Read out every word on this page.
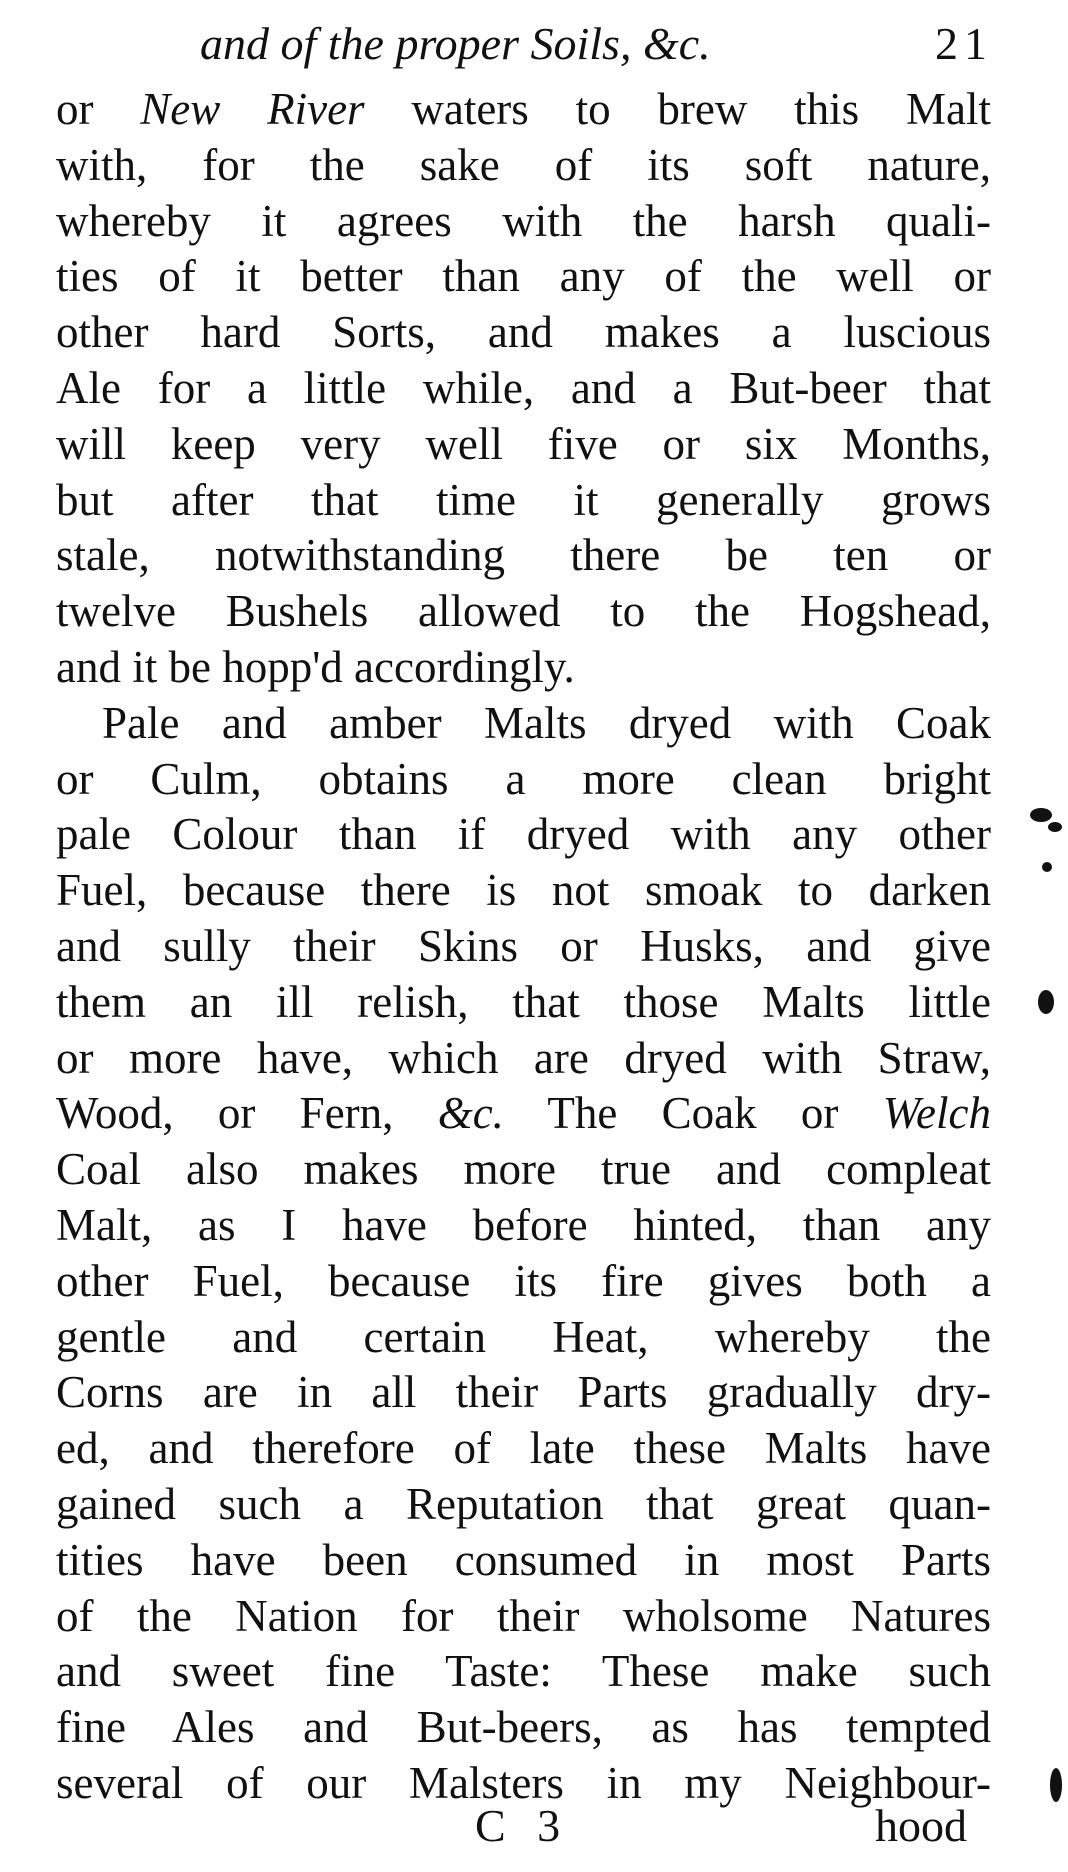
and of the proper Soils, &c.	21
or New River waters to brew this Malt
with, for the sake of its soft nature,
whereby it agrees with the harsh quali-
ties of it better than any of the well or
other hard Sorts, and makes a luscious
Ale for a little while, and a But-beer that
will keep very well five or six Months,
but after that time it generally grows
stale, notwithstanding there be ten or
twelve Bushels allowed to the Hogshead,
and it be hopp'd accordingly.
Pale and amber Malts dryed with Coak
or Culm, obtains a more clean bright
pale Colour than if dryed with any other
Fuel, because there is not smoak to darken
and sully their Skins or Husks, and give
them an ill relish, that those Malts little
or more have, which are dryed with Straw,
Wood, or Fern, &c. The Coak or Welch
Coal also makes more true and compleat
Malt, as I have before hinted, than any
other Fuel, because its fire gives both a
gentle and certain Heat, whereby the
Corns are in all their Parts gradually dry-
ed, and therefore of late these Malts have
gained such a Reputation that great quan-
tities have been consumed in most Parts
of the Nation for their wholsome Natures
and sweet fine Taste: These make such
fine Ales and But-beers, as has tempted
several of our Malsters in my Neighbour-
C 3	hood
